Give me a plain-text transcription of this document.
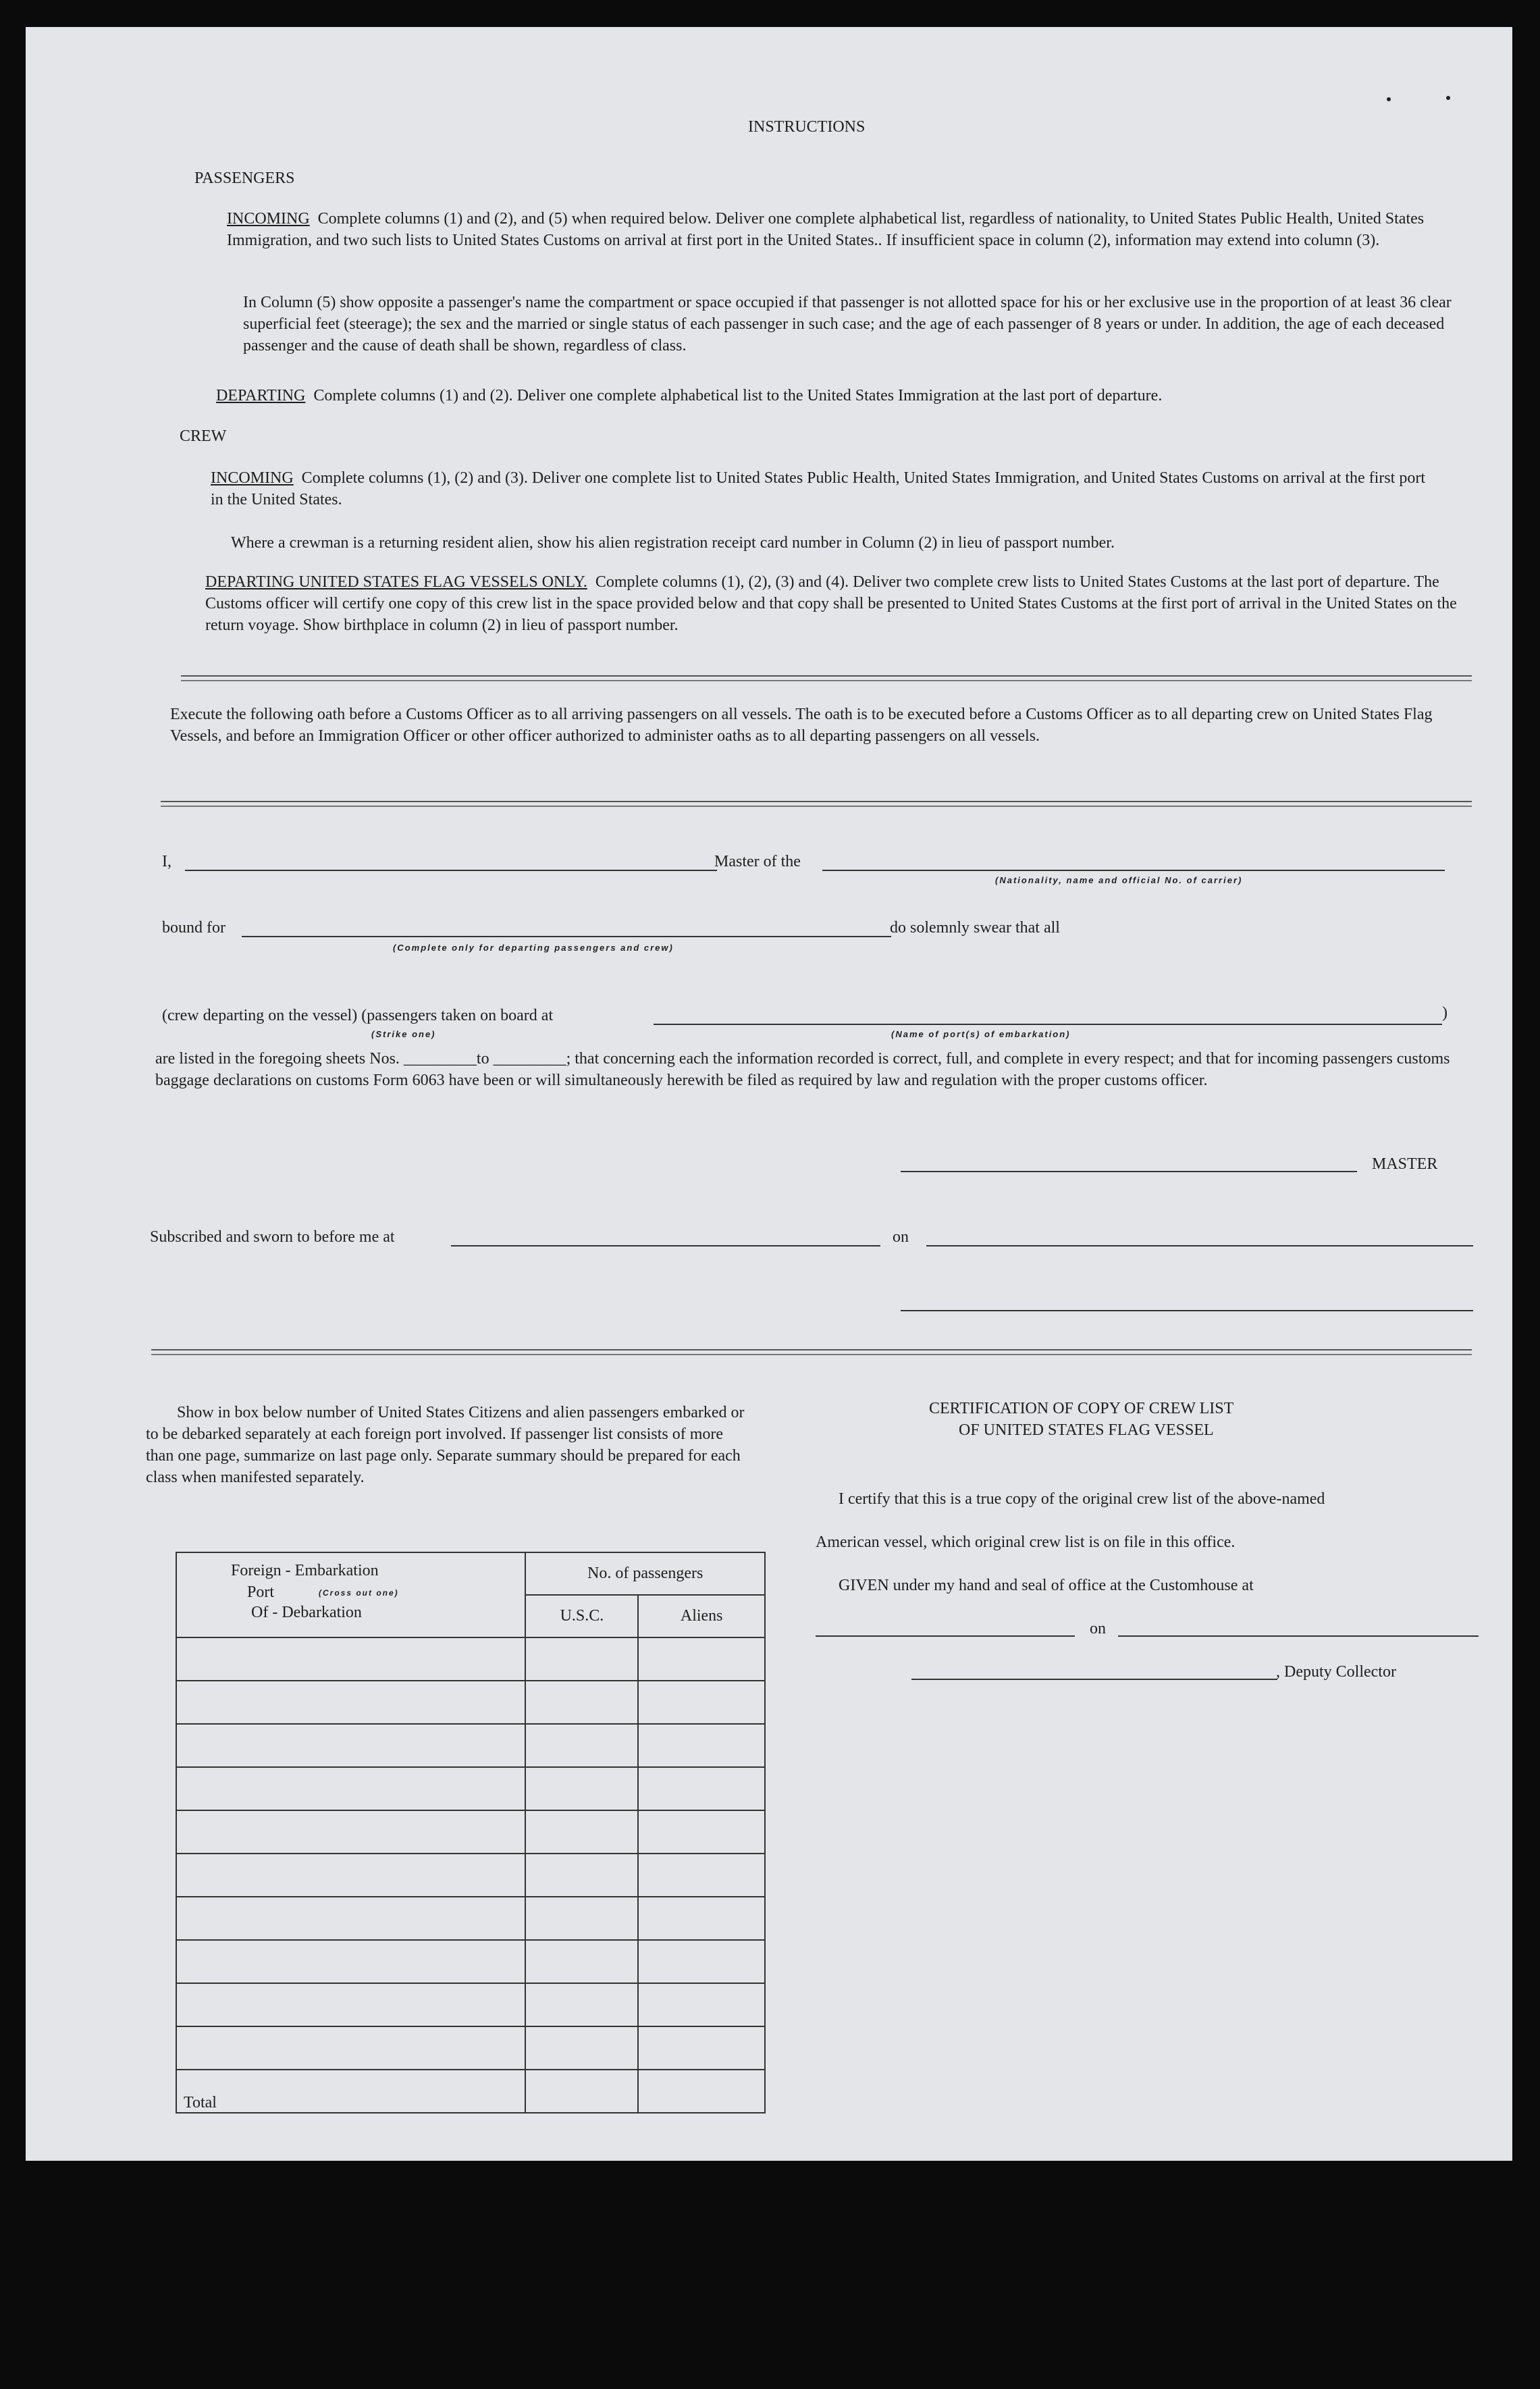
INSTRUCTIONS
PASSENGERS
INCOMING Complete columns (1) and (2), and (5) when required below. Deliver one complete alphabetical list, regardless of nationality, to United States Public Health, United States Immigration, and two such lists to United States Customs on arrival at first port in the United States.. If insufficient space in column (2), information may extend into column (3).
In Column (5) show opposite a passenger's name the compartment or space occupied if that passenger is not allotted space for his or her exclusive use in the proportion of at least 36 clear superficial feet (steerage); the sex and the married or single status of each passenger in such case; and the age of each passenger of 8 years or under. In addition, the age of each deceased passenger and the cause of death shall be shown, regardless of class.
DEPARTING Complete columns (1) and (2). Deliver one complete alphabetical list to the United States Immigration at the last port of departure.
CREW
INCOMING Complete columns (1), (2) and (3). Deliver one complete list to United States Public Health, United States Immigration, and United States Customs on arrival at the first port in the United States.
Where a crewman is a returning resident alien, show his alien registration receipt card number in Column (2) in lieu of passport number.
DEPARTING UNITED STATES FLAG VESSELS ONLY. Complete columns (1), (2), (3) and (4). Deliver two complete crew lists to United States Customs at the last port of departure. The Customs officer will certify one copy of this crew list in the space provided below and that copy shall be presented to United States Customs at the first port of arrival in the United States on the return voyage. Show birthplace in column (2) in lieu of passport number.
Execute the following oath before a Customs Officer as to all arriving passengers on all vessels. The oath is to be executed before a Customs Officer as to all departing crew on United States Flag Vessels, and before an Immigration Officer or other officer authorized to administer oaths as to all departing passengers on all vessels.
I,	Master of the
(Nationality, name and official No. of carrier)
bound for	do solemnly swear that all
(Complete only for departing passengers and crew)
(crew departing on the vessel) (passengers taken on board at	)
(Strike one)	(Name of port(s) of embarkation)
are listed in the foregoing sheets Nos. _________to _________; that concerning each the information recorded is correct, full, and complete in every respect; and that for incoming passengers customs baggage declarations on customs Form 6063 have been or will simultaneously herewith be filed as required by law and regulation with the proper customs officer.
MASTER
Subscribed and sworn to before me at	on
Show in box below number of United States Citizens and alien passengers embarked or to be debarked separately at each foreign port involved. If passenger list consists of more than one page, summarize on last page only. Separate summary should be prepared for each class when manifested separately.
Foreign - Embarkation
Port (Cross out one)
Of - Debarkation	No. of passengers	
	U.S.C.	Aliens

Total		
CERTIFICATION OF COPY OF CREW LIST
OF UNITED STATES FLAG VESSEL
I certify that this is a true copy of the original crew list of the above-named
American vessel, which original crew list is on file in this office.
GIVEN under my hand and seal of office at the Customhouse at
on
, Deputy Collector
